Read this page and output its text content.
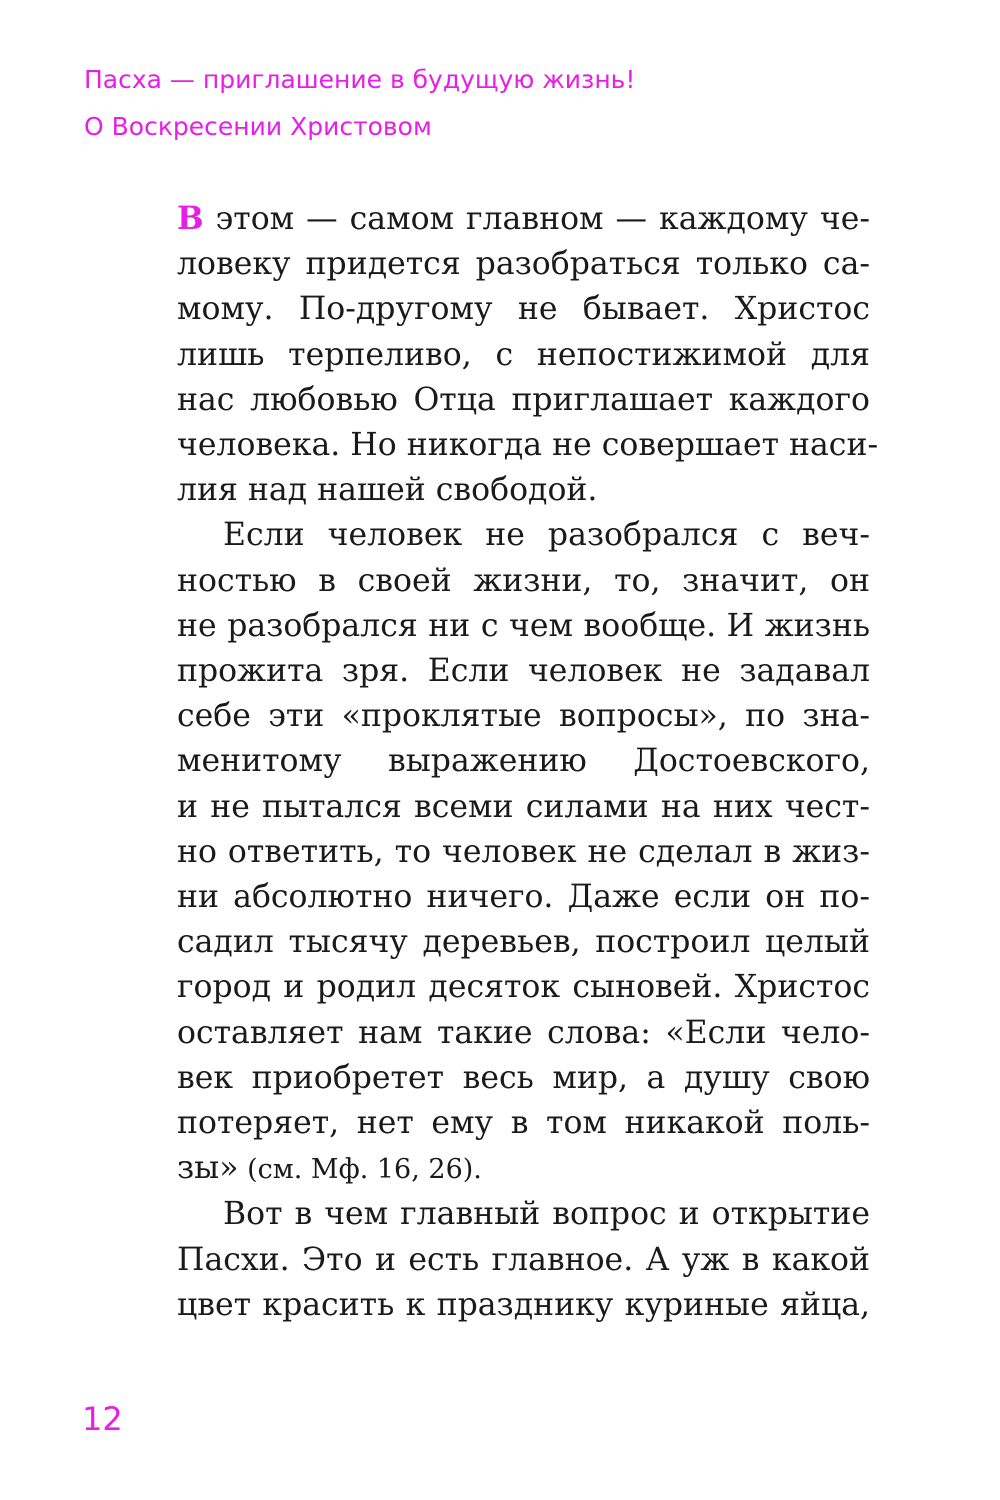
Пасха — приглашение в будущую жизнь!
О Воскресении Христовом
В этом — самом главном — каждому че-
ловеку придется разобраться только са-
мому. По-другому не бывает. Христос
лишь терпеливо, с непостижимой для
нас любовью Отца приглашает каждого
человека. Но никогда не совершает наси-
лия над нашей свободой.
Если человек не разобрался с веч-
ностью в своей жизни, то, значит, он
не разобрался ни с чем вообще. И жизнь
прожита зря. Если человек не задавал
себе эти «проклятые вопросы», по зна-
менитому выражению Достоевского,
и не пытался всеми силами на них чест-
но ответить, то человек не сделал в жиз-
ни абсолютно ничего. Даже если он по-
садил тысячу деревьев, построил целый
город и родил десяток сыновей. Христос
оставляет нам такие слова: «Если чело-
век приобретет весь мир, а душу свою
потеряет, нет ему в том никакой поль-
зы» (см. Мф. 16, 26).
Вот в чем главный вопрос и открытие
Пасхи. Это и есть главное. А уж в какой
цвет красить к празднику куриные яйца,
12
